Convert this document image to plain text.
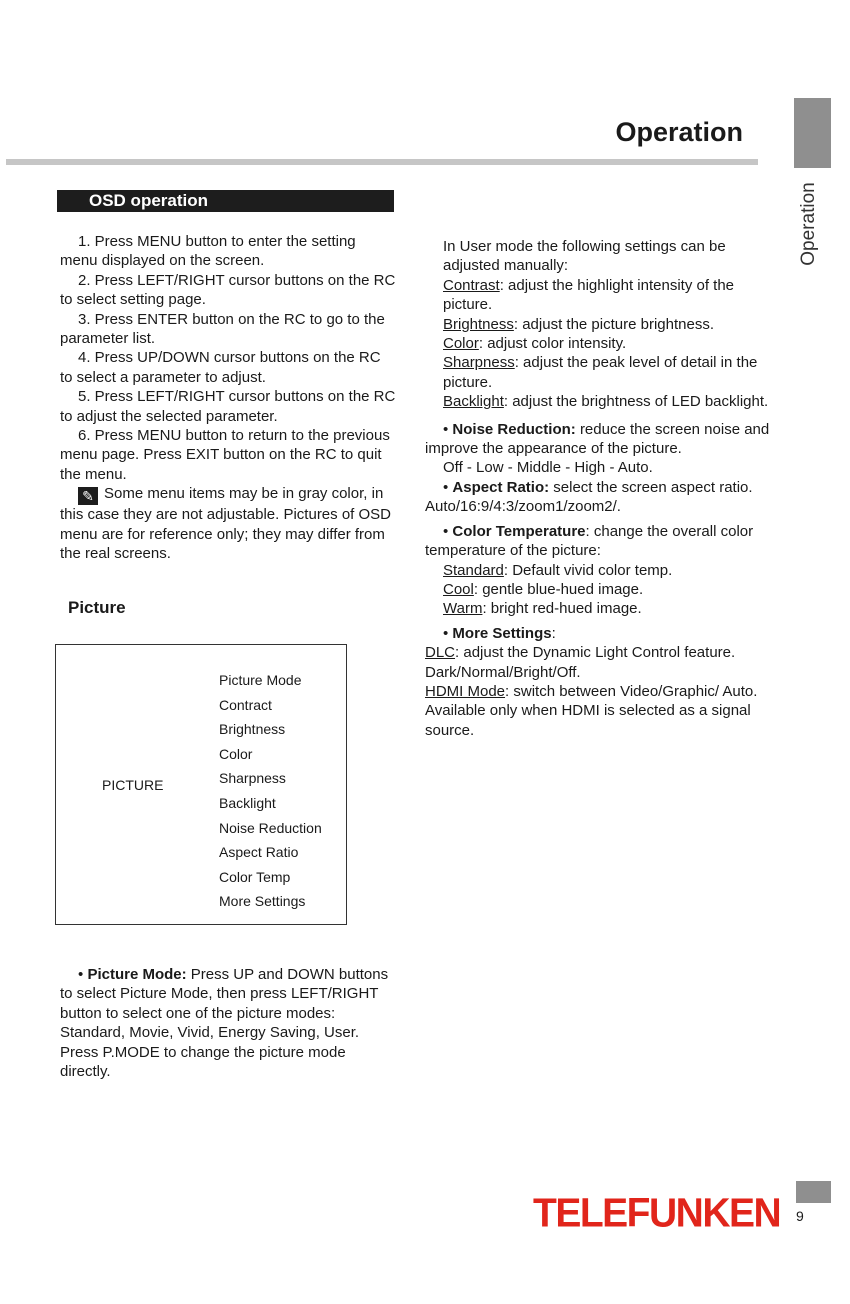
Operation
Operation
OSD operation

1. Press MENU button to enter the setting menu displayed on the screen.

2. Press LEFT/RIGHT cursor buttons on the RC to select setting page.

3. Press ENTER button on the RC to go to the parameter list.

4. Press UP/DOWN cursor buttons on the RC to select a parameter to adjust.

5. Press LEFT/RIGHT cursor buttons on the RC to adjust the selected parameter.

6. Press MENU button to return to the previous menu page. Press EXIT button on the RC to quit the menu.

✎ Some menu items may be in gray color, in this case they are not adjustable. Pictures of OSD menu are for reference only; they may differ from the real screens.

Picture
PICTURE
Picture Mode
Contract
Brightness
Color
Sharpness
Backlight
Noise Reduction
Aspect Ratio
Color Temp
More Settings

• Picture Mode: Press UP and DOWN buttons to select Picture Mode, then press LEFT/RIGHT button to select one of the picture modes: Standard, Movie, Vivid, Energy Saving, User.

Press P.MODE to change the picture mode directly.

In User mode the following settings can be adjusted manually:

Contrast: adjust the highlight intensity of the picture.

Brightness: adjust the picture brightness.

Color: adjust color intensity.

Sharpness: adjust the peak level of detail in the picture.

Backlight: adjust the brightness of LED backlight.

• Noise Reduction: reduce the screen noise and improve the appearance of the picture.

Off - Low - Middle - High - Auto.

• Aspect Ratio: select the screen aspect ratio. Auto/16:9/4:3/zoom1/zoom2/.

• Color Temperature: change the overall color temperature of the picture:

Standard: Default vivid color temp.

Cool: gentle blue-hued image.

Warm: bright red-hued image.

• More Settings:

DLC: adjust the Dynamic Light Control feature. Dark/Normal/Bright/Off.

HDMI Mode: switch between Video/Graphic/ Auto. Available only when HDMI is selected as a signal source.

TELEFUNKEN 9
